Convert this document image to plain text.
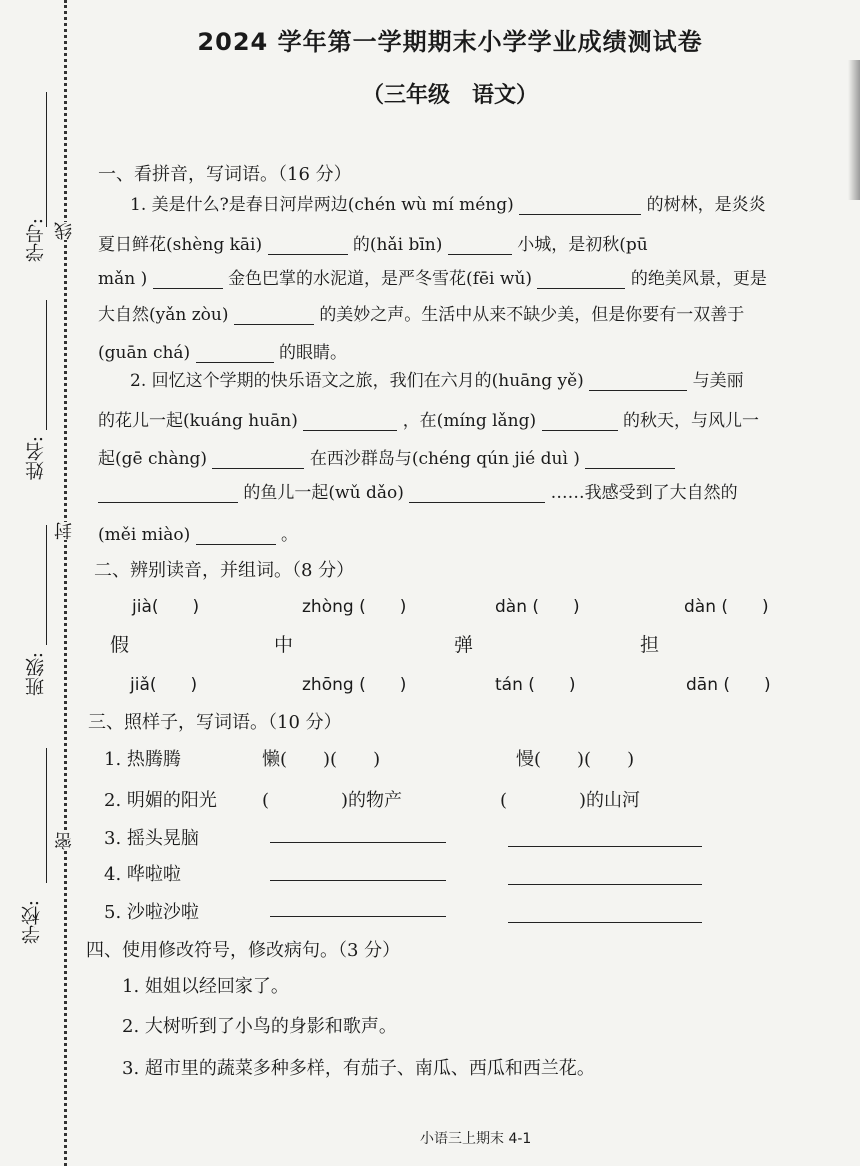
学号: 线
姓名:
封
班级:
密
学校:
2024 学年第一学期期末小学学业成绩测试卷
（三年级　语文）
一、看拼音，写词语。（16 分）
1. 美是什么?是春日河岸两边(chén wù mí méng)	的树林，是炎炎
夏日鲜花(shèng kāi)	的(hǎi bīn)	小城，是初秋(pū
mǎn )	金色巴掌的水泥道，是严冬雪花(fēi wǔ)	的绝美风景，更是
大自然(yǎn zòu)	的美妙之声。生活中从来不缺少美，但是你要有一双善于
(guān chá)	的眼睛。
2. 回忆这个学期的快乐语文之旅，我们在六月的(huāng yě)	与美丽
的花儿一起(kuáng huān)	，在(míng lǎng)	的秋天，与风儿一
起(gē chàng)	在西沙群岛与(chéng qún jié duì )
的鱼儿一起(wǔ dǎo)	……我感受到了大自然的
(měi miào)	。
二、辨别读音，并组词。（8 分）
jià(　　)	zhòng (　　)	dàn (　　)	dàn (　　)
假	中	弹	担
jiǎ(　　)	zhōng (　　)	tán (　　)	dān (　　)
三、照样子，写词语。（10 分）
1. 热腾腾	懒(　　)(　　)	慢(　　)(　　)
2. 明媚的阳光	(　　　　)的物产	(　　　　)的山河
3. 摇头晃脑
4. 哗啦啦
5. 沙啦沙啦
四、使用修改符号，修改病句。（3 分）
1. 姐姐以经回家了。
2. 大树听到了小鸟的身影和歌声。
3. 超市里的蔬菜多种多样，有茄子、南瓜、西瓜和西兰花。
小语三上期末 4-1
